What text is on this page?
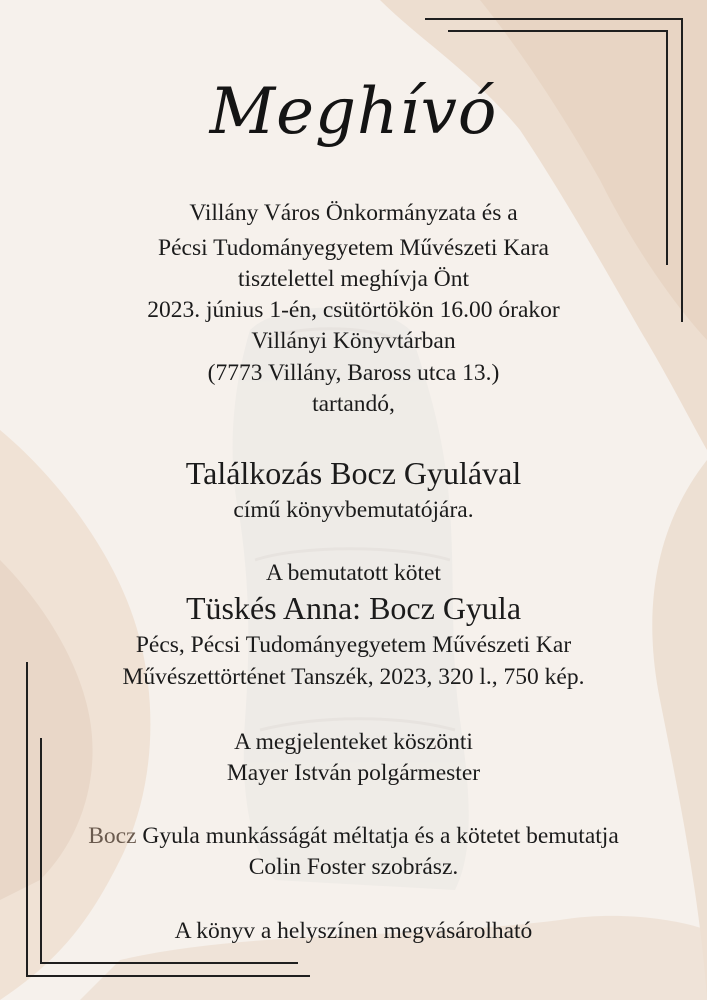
Meghívó
Villány Város Önkormányzata és a
Pécsi Tudományegyetem Művészeti Kara
tisztelettel meghívja Önt
2023. június 1-én, csütörtökön 16.00 órakor
Villányi Könyvtárban
(7773 Villány, Baross utca 13.)
tartandó,
Találkozás Bocz Gyulával
című könyvbemutatójára.
A bemutatott kötet
Tüskés Anna: Bocz Gyula
Pécs, Pécsi Tudományegyetem Művészeti Kar
Művészettörténet Tanszék, 2023, 320 l., 750 kép.
A megjelenteket köszönti
Mayer István polgármester
Bocz Gyula munkásságát méltatja és a kötetet bemutatja
Colin Foster szobrász.
A könyv a helyszínen megvásárolható
